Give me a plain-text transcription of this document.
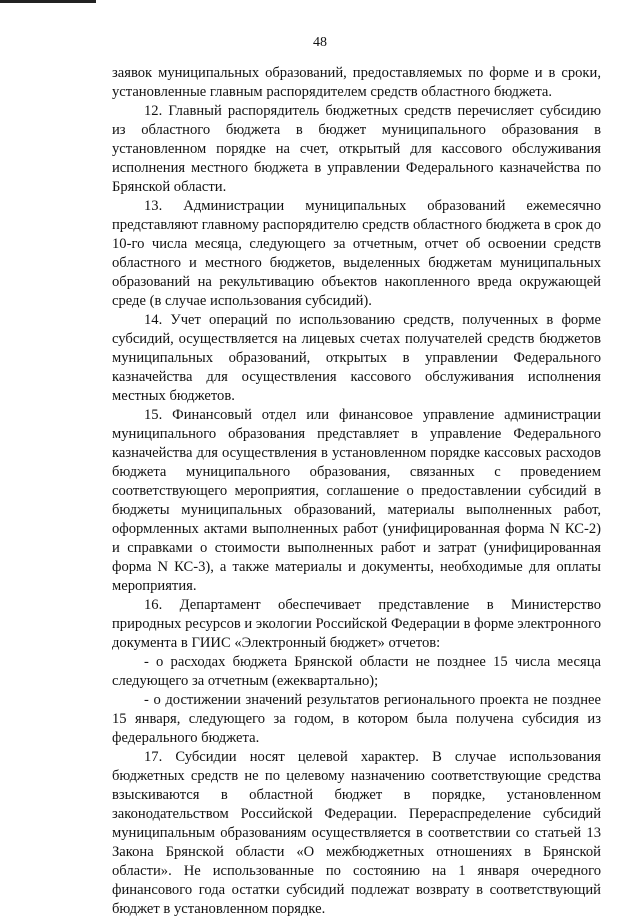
48

заявок муниципальных образований, предоставляемых по форме и в сроки, установленные главным распорядителем средств областного бюджета.

12. Главный распорядитель бюджетных средств перечисляет субсидию из областного бюджета в бюджет муниципального образования в установленном порядке на счет, открытый для кассового обслуживания исполнения местного бюджета в управлении Федерального казначейства по Брянской области.

13. Администрации муниципальных образований ежемесячно представляют главному распорядителю средств областного бюджета в срок до 10-го числа месяца, следующего за отчетным, отчет об освоении средств областного и местного бюджетов, выделенных бюджетам муниципальных образований на рекультивацию объектов накопленного вреда окружающей среде (в случае использования субсидий).

14. Учет операций по использованию средств, полученных в форме субсидий, осуществляется на лицевых счетах получателей средств бюджетов муниципальных образований, открытых в управлении Федерального казначейства для осуществления кассового обслуживания исполнения местных бюджетов.

15. Финансовый отдел или финансовое управление администрации муниципального образования представляет в управление Федерального казначейства для осуществления в установленном порядке кассовых расходов бюджета муниципального образования, связанных с проведением соответствующего мероприятия, соглашение о предоставлении субсидий в бюджеты муниципальных образований, материалы выполненных работ, оформленных актами выполненных работ (унифицированная форма N КС-2) и справками о стоимости выполненных работ и затрат (унифицированная форма N КС-3), а также материалы и документы, необходимые для оплаты мероприятия.

16. Департамент обеспечивает представление в Министерство природных ресурсов и экологии Российской Федерации в форме электронного документа в ГИИС «Электронный бюджет» отчетов:

- о расходах бюджета Брянской области не позднее 15 числа месяца следующего за отчетным (ежеквартально);

- о достижении значений результатов регионального проекта не позднее 15 января, следующего за годом, в котором была получена субсидия из федерального бюджета.

17. Субсидии носят целевой характер. В случае использования бюджетных средств не по целевому назначению соответствующие средства взыскиваются в областной бюджет в порядке, установленном законодательством Российской Федерации. Перераспределение субсидий муниципальным образованиям осуществляется в соответствии со статьей 13 Закона Брянской области «О межбюджетных отношениях в Брянской области». Не использованные по состоянию на 1 января очередного финансового года остатки субсидий подлежат возврату в соответствующий бюджет в установленном порядке.
